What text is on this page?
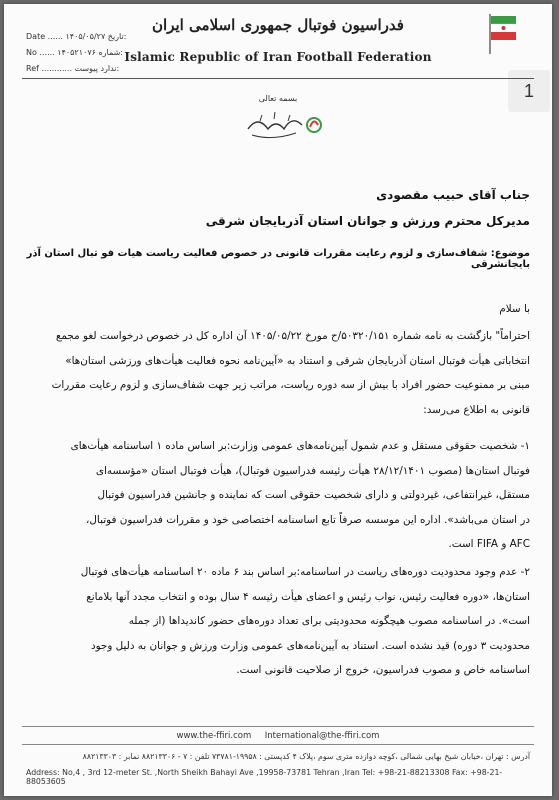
فدراسیون فوتبال جمهوری اسلامی ایران
Islamic Republic of Iran Football Federation
Date ...... ۱۴۰۵/۰۵/۲۷ تاریخ:
No ...... ۱۴۰۵۲۱۰۷۶ شماره:
Ref ............	ندارد پیوست:
1
بسمه تعالی
جناب آقای حبیب مقصودی
مدیرکل محترم ورزش و جوانان استان آذربایجان شرقی
موضوع: شفاف‌سازی و لزوم رعایت مقررات قانونی در خصوص فعالیت ریاست هیات فو تبال استان آذر بایجانشرقی
با سلام
احتراماً" بازگشت به نامه شماره ۵۰۳۲۰/۱۵۱/ح مورخ ۱۴۰۵/۰۵/۲۲ آن اداره کل در خصوص درخواست لغو مجمع
انتخاباتی هیأت فوتبال استان آذربایجان شرقی و استناد به «آیین‌نامه نحوه فعالیت هیأت‌های ورزشی استان‌ها»
مبنی بر ممنوعیت حضور افراد با بیش از سه دوره ریاست، مراتب زیر جهت شفاف‌سازی و لزوم رعایت مقررات
قانونی به اطلاع می‌رسد:
۱- شخصیت حقوقی مستقل و عدم شمول آیین‌نامه‌های عمومی وزارت:بر اساس ماده ۱ اساسنامه هیأت‌های
فوتبال استان‌ها (مصوب ۲۸/۱۲/۱۴۰۱ هیأت رئیسه فدراسیون فوتبال)، هیأت فوتبال استان «مؤسسه‌ای
مستقل، غیرانتفاعی، غیردولتی و دارای شخصیت حقوقی است که نماینده و جانشین فدراسیون فوتبال
در استان می‌باشد». اداره این موسسه صرفاً تابع اساسنامه اختصاصی خود و مقررات فدراسیون فوتبال،
AFC و FIFA است.
۲- عدم وجود محدودیت دوره‌های ریاست در اساسنامه:بر اساس بند ۶ ماده ۲۰ اساسنامه هیأت‌های فوتبال
استان‌ها، «دوره فعالیت رئیس، نواب رئیس و اعضای هیأت رئیسه ۴ سال بوده و انتخاب مجدد آنها بلامانع
است». در اساسنامه مصوب هیچگونه محدودیتی برای تعداد دوره‌های حضور کاندیداها (از جمله
محدودیت ۳ دوره) قید نشده است. استناد به آیین‌نامه‌های عمومی وزارت ورزش و جوانان به دلیل وجود
اساسنامه خاص و مصوب فدراسیون، خروج از صلاحیت قانونی است.
www.the-ffiri.com International@the-ffiri.com
آدرس : تهران ،خیابان شیخ بهایی شمالی ،کوچه دوازده متری سوم ،پلاک ۴ کدپستی : ۱۹۹۵۸-۷۳۷۸۱ تلفن : ۷ - ۸۸۲۱۳۳۰۶ نمابر : ۸۸۲۱۳۳۰۳
Address: No,4 , 3rd 12-meter St. ,North Sheikh Bahayi Ave ,19958-73781 Tehran ,Iran Tel: +98-21-88213308 Fax: +98-21-88053605
